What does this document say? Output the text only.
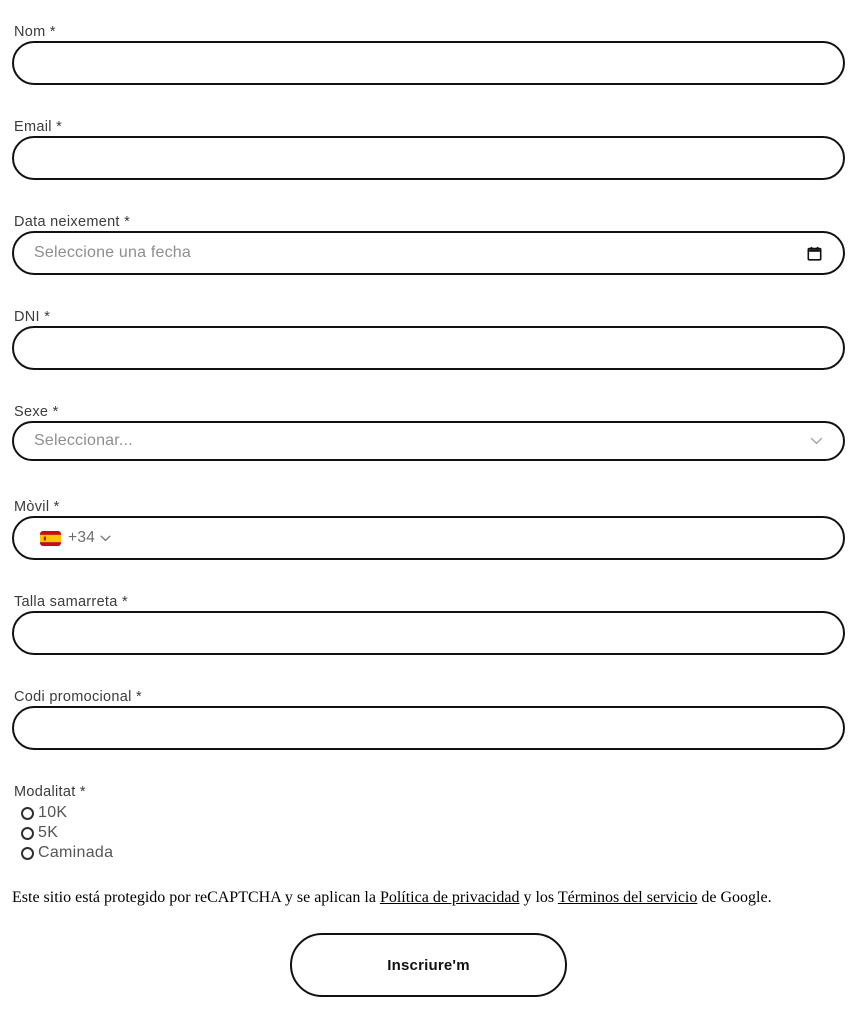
Nom *
Email *
Data neixement *
Seleccione una fecha
DNI *
Sexe *
Seleccionar...
Mòvil *
+34
Talla samarreta *
Codi promocional *
Modalitat *
10K
5K
Caminada

Este sitio está protegido por reCAPTCHA y se aplican la Política de privacidad y los Términos del servicio de Google.

Inscriure'm
